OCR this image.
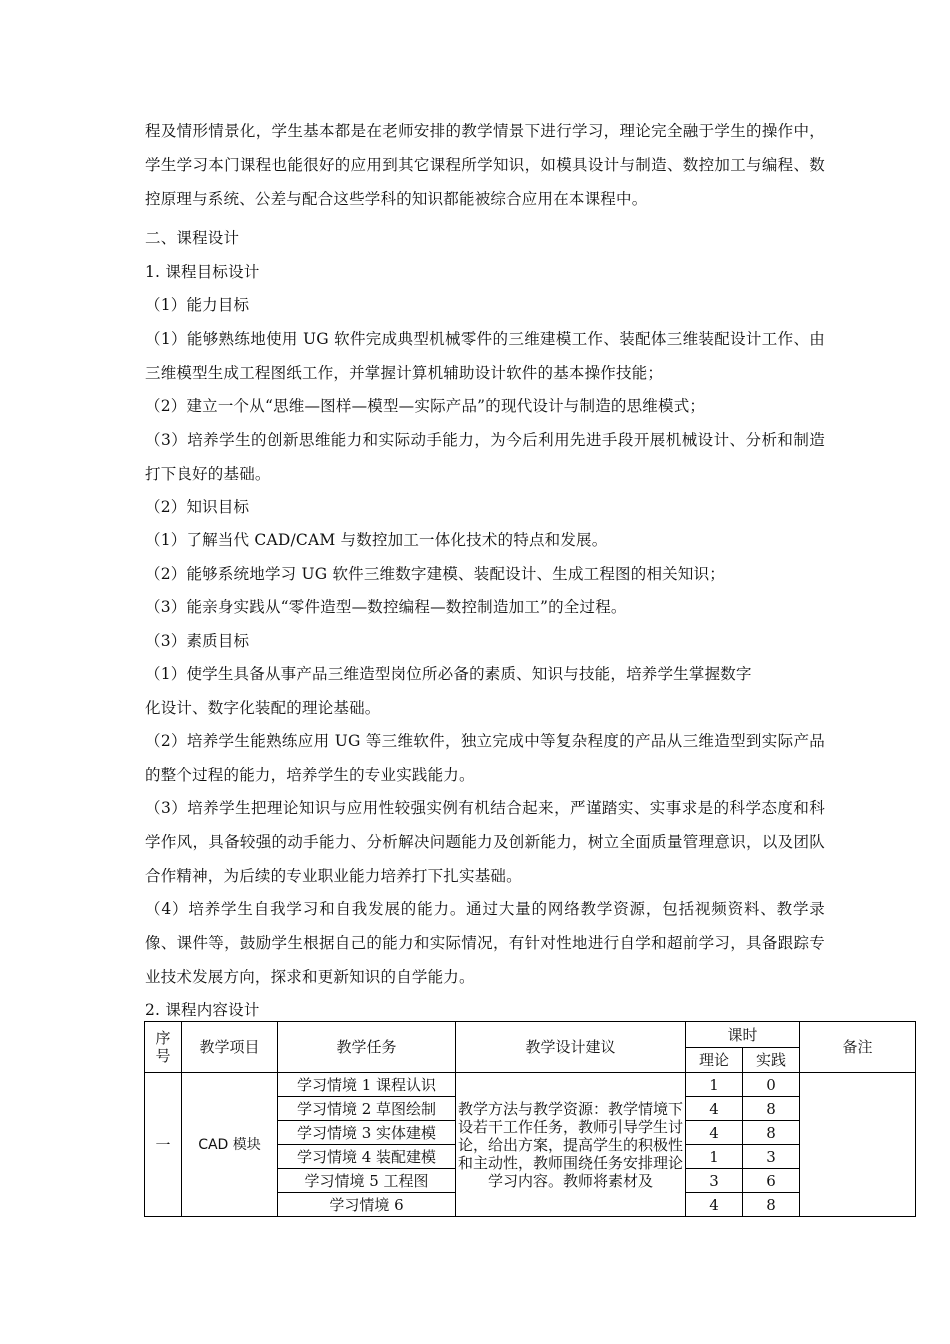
程及情形情景化，学生基本都是在老师安排的教学情景下进行学习，理论完全融于学生的操作中，学生学习本门课程也能很好的应用到其它课程所学知识，如模具设计与制造、数控加工与编程、数控原理与系统、公差与配合这些学科的知识都能被综合应用在本课程中。

二、课程设计

1. 课程目标设计

（1）能力目标

（1）能够熟练地使用 UG 软件完成典型机械零件的三维建模工作、装配体三维装配设计工作、由三维模型生成工程图纸工作，并掌握计算机辅助设计软件的基本操作技能；

（2）建立一个从“思维—图样—模型—实际产品”的现代设计与制造的思维模式；

（3）培养学生的创新思维能力和实际动手能力，为今后利用先进手段开展机械设计、分析和制造打下良好的基础。

（2）知识目标

（1）了解当代 CAD/CAM 与数控加工一体化技术的特点和发展。

（2）能够系统地学习 UG 软件三维数字建模、装配设计、生成工程图的相关知识；

（3）能亲身实践从“零件造型—数控编程—数控制造加工”的全过程。

（3）素质目标

（1）使学生具备从事产品三维造型岗位所必备的素质、知识与技能，培养学生掌握数字

化设计、数字化装配的理论基础。

（2）培养学生能熟练应用 UG 等三维软件，独立完成中等复杂程度的产品从三维造型到实际产品的整个过程的能力，培养学生的专业实践能力。

（3）培养学生把理论知识与应用性较强实例有机结合起来，严谨踏实、实事求是的科学态度和科学作风，具备较强的动手能力、分析解决问题能力及创新能力，树立全面质量管理意识，以及团队合作精神，为后续的专业职业能力培养打下扎实基础。

（4）培养学生自我学习和自我发展的能力。通过大量的网络教学资源，包括视频资料、教学录像、课件等，鼓励学生根据自己的能力和实际情况，有针对性地进行自学和超前学习，具备跟踪专业技术发展方向，探求和更新知识的自学能力。

2. 课程内容设计

序
号	教学项目	教学任务	教学设计建议	课时		备注
				理论	实践	
一	CAD 模块	学习情境 1 课程认识	教学方法与教学资源：教学情境下设若干工作任务，教师引导学生讨论，给出方案，提高学生的积极性和主动性，教师围绕任务安排理论学习内容。教师将素材及	1	0	
		学习情境 2 草图绘制		4	8	
		学习情境 3 实体建模		4	8	
		学习情境 4 装配建模		1	3	
		学习情境 5 工程图		3	6	
		学习情境 6		4	8	
